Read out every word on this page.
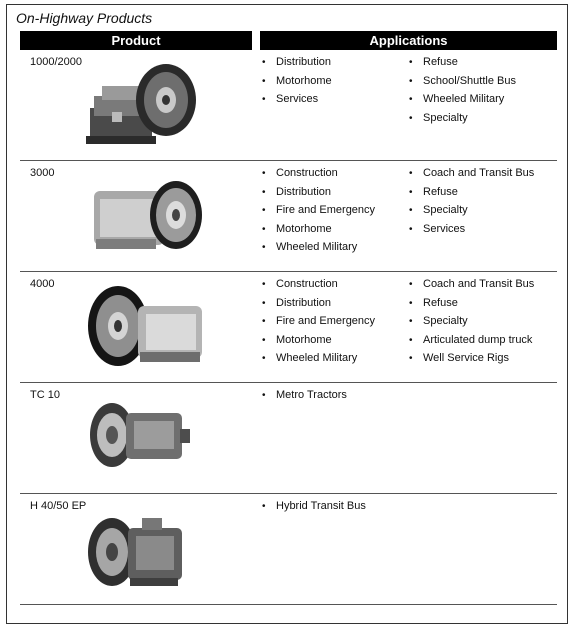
On-Highway Products
Product	Applications
1000/2000	• Distribution
• Motorhome
• Services
• Refuse
• School/Shuttle Bus
• Wheeled Military
• Specialty
3000	• Construction
• Distribution
• Fire and Emergency
• Motorhome
• Wheeled Military
• Coach and Transit Bus
• Refuse
• Specialty
• Services
4000	• Construction
• Distribution
• Fire and Emergency
• Motorhome
• Wheeled Military
• Coach and Transit Bus
• Refuse
• Specialty
• Articulated dump truck
• Well Service Rigs
TC 10	• Metro Tractors
H 40/50 EP	• Hybrid Transit Bus
